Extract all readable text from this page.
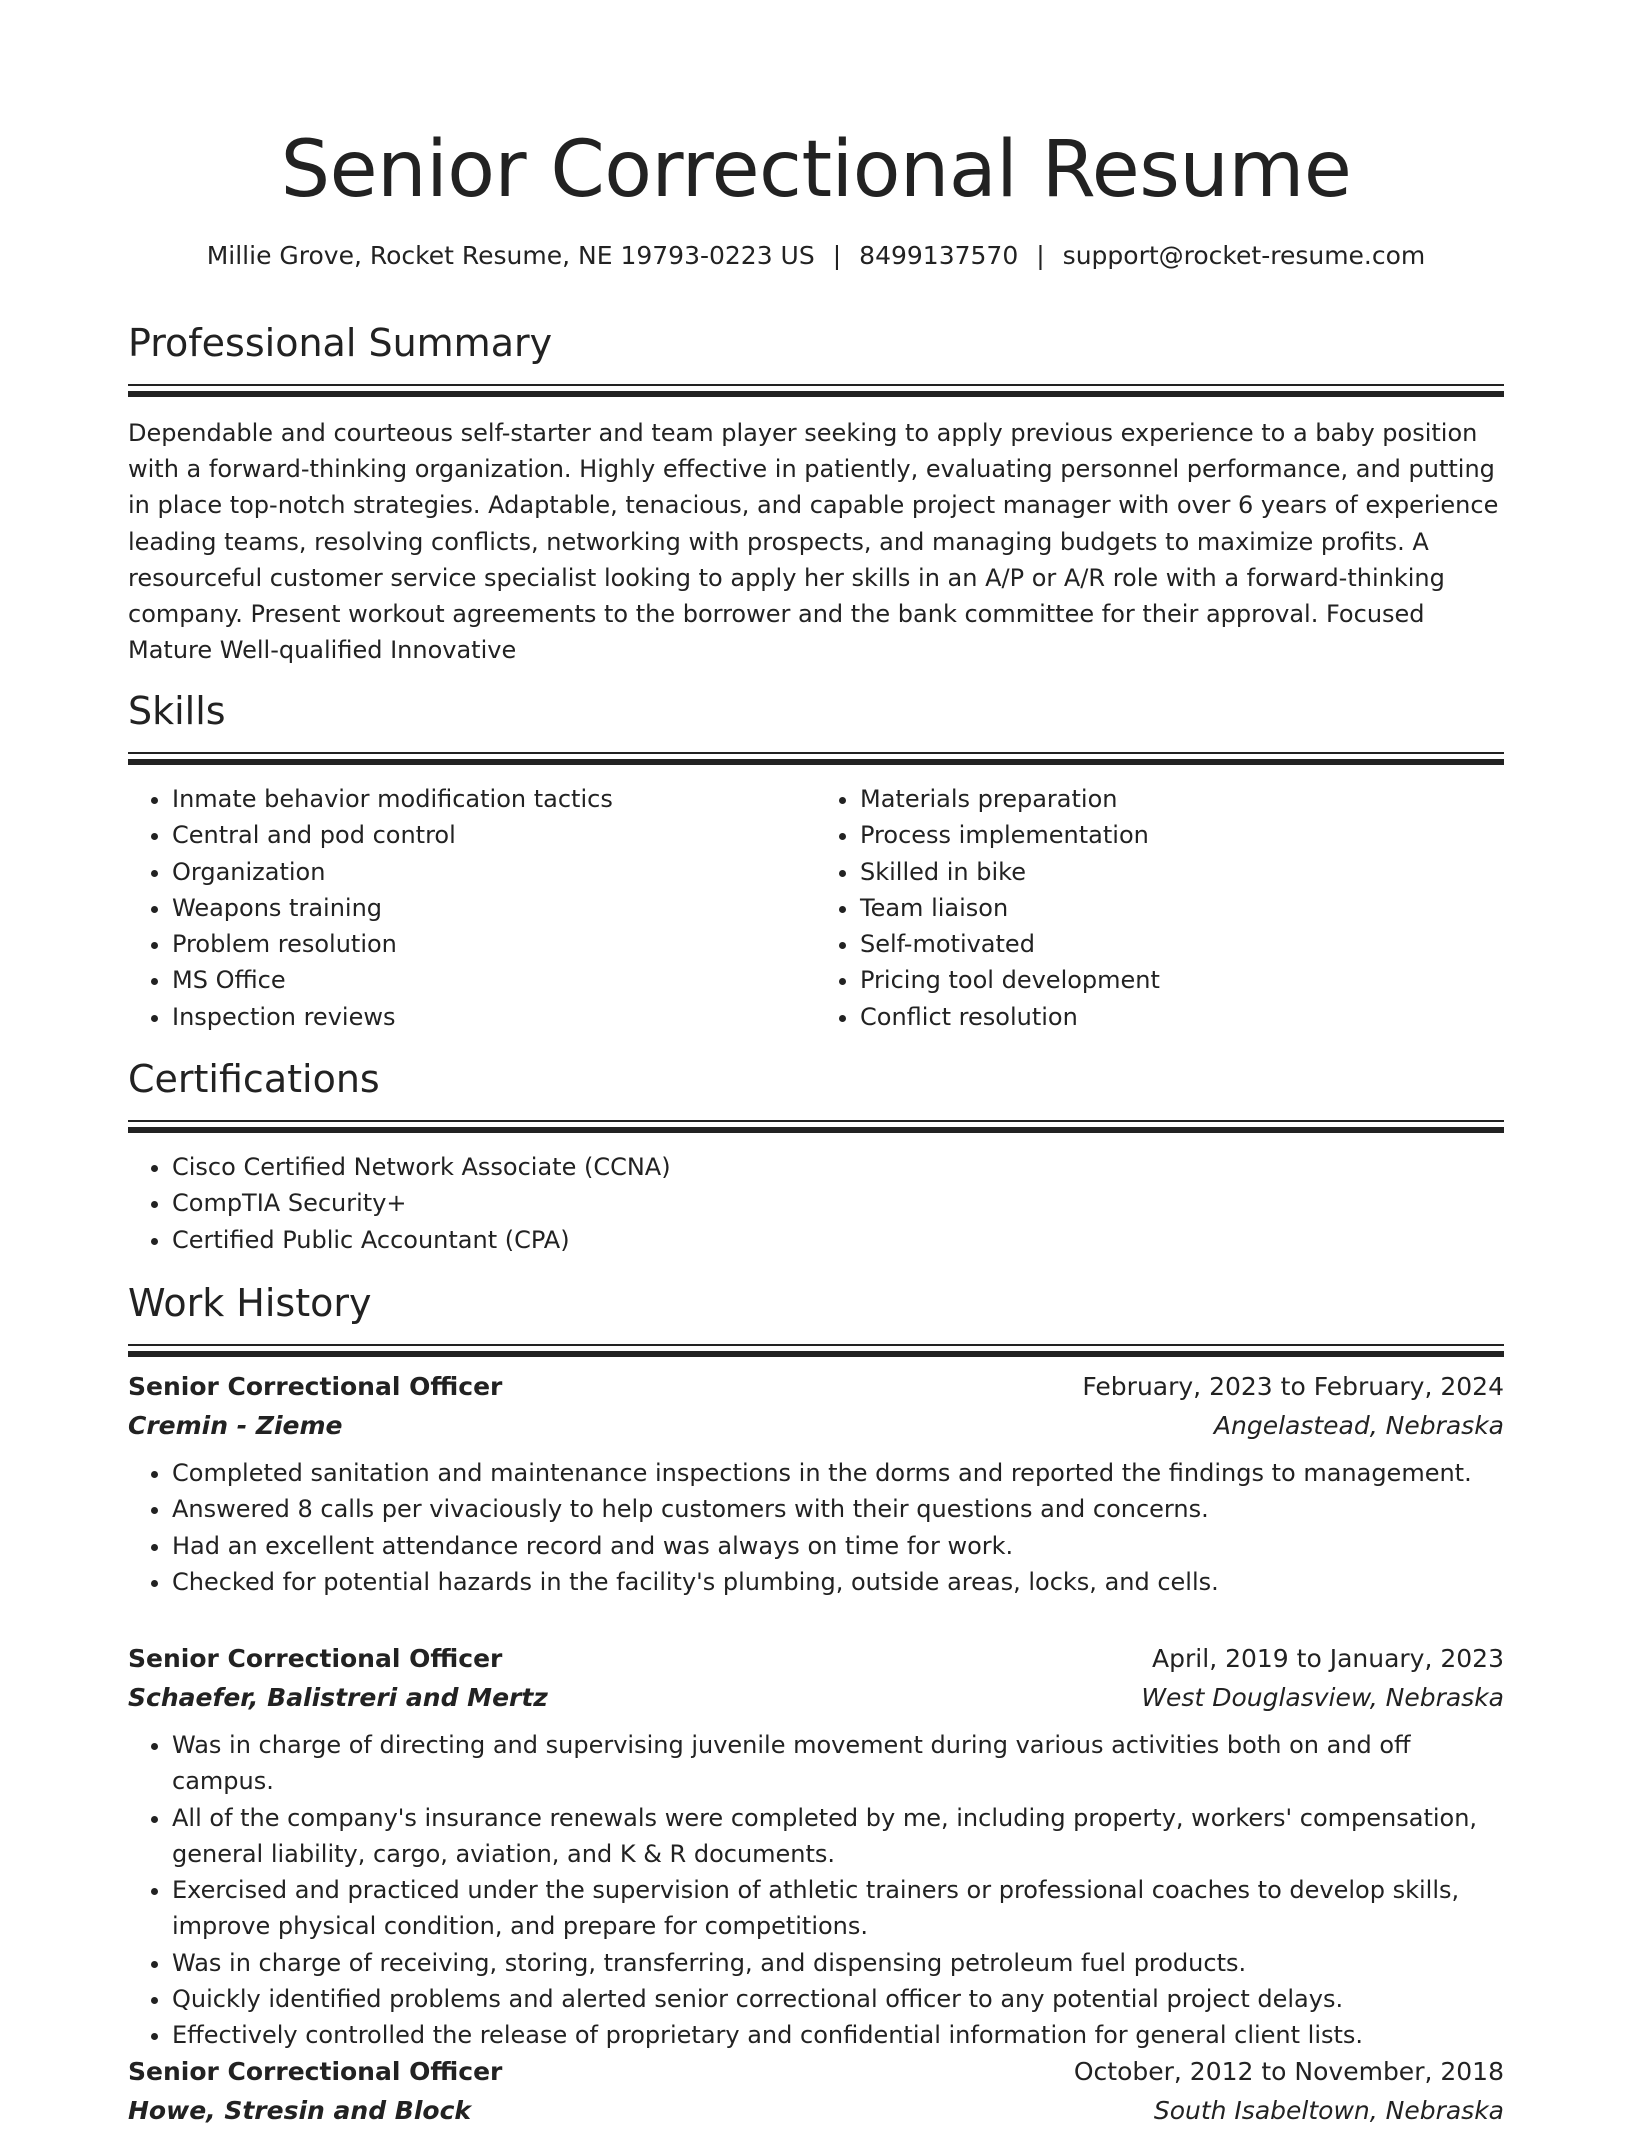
Senior Correctional Resume
Millie Grove, Rocket Resume, NE 19793-0223 US | 8499137570 | support@rocket-resume.com
Professional Summary
Dependable and courteous self-starter and team player seeking to apply previous experience to a baby position with a forward-thinking organization. Highly effective in patiently, evaluating personnel performance, and putting in place top-notch strategies. Adaptable, tenacious, and capable project manager with over 6 years of experience leading teams, resolving conflicts, networking with prospects, and managing budgets to maximize profits. A resourceful customer service specialist looking to apply her skills in an A/P or A/R role with a forward-thinking company. Present workout agreements to the borrower and the bank committee for their approval. Focused Mature Well-qualified Innovative
Skills
• Inmate behavior modification tactics
• Central and pod control
• Organization
• Weapons training
• Problem resolution
• MS Office
• Inspection reviews
• Materials preparation
• Process implementation
• Skilled in bike
• Team liaison
• Self-motivated
• Pricing tool development
• Conflict resolution
Certifications
• Cisco Certified Network Associate (CCNA)
• CompTIA Security+
• Certified Public Accountant (CPA)
Work History
Senior Correctional Officer	February, 2023 to February, 2024
Cremin - Zieme	Angelastead, Nebraska
• Completed sanitation and maintenance inspections in the dorms and reported the findings to management.
• Answered 8 calls per vivaciously to help customers with their questions and concerns.
• Had an excellent attendance record and was always on time for work.
• Checked for potential hazards in the facility's plumbing, outside areas, locks, and cells.
Senior Correctional Officer	April, 2019 to January, 2023
Schaefer, Balistreri and Mertz	West Douglasview, Nebraska
• Was in charge of directing and supervising juvenile movement during various activities both on and off campus.
• All of the company's insurance renewals were completed by me, including property, workers' compensation, general liability, cargo, aviation, and K & R documents.
• Exercised and practiced under the supervision of athletic trainers or professional coaches to develop skills, improve physical condition, and prepare for competitions.
• Was in charge of receiving, storing, transferring, and dispensing petroleum fuel products.
• Quickly identified problems and alerted senior correctional officer to any potential project delays.
• Effectively controlled the release of proprietary and confidential information for general client lists.
Senior Correctional Officer	October, 2012 to November, 2018
Howe, Stresin and Block	South Isabeltown, Nebraska
